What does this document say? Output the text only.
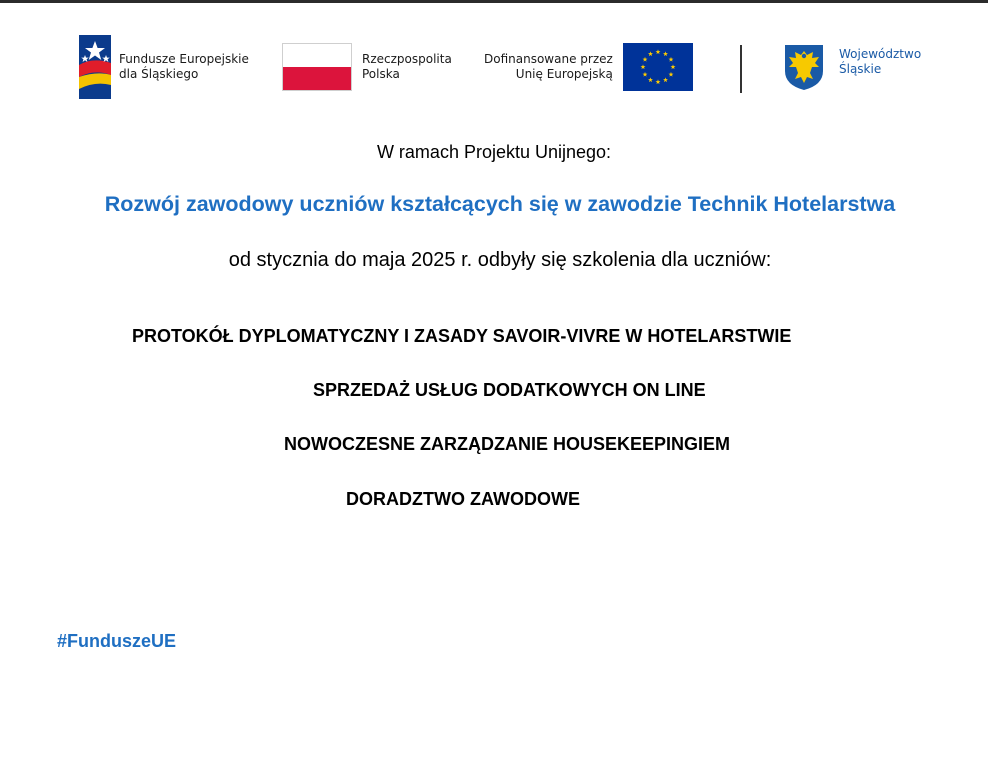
Fundusze Europejskie
dla Śląskiego
Rzeczpospolita
Polska
Dofinansowane przez
Unię Europejską
Województwo
Śląskie
W ramach Projektu Unijnego:
Rozwój zawodowy uczniów kształcących się w zawodzie Technik Hotelarstwa
od stycznia do maja 2025 r. odbyły się szkolenia dla uczniów:
PROTOKÓŁ DYPLOMATYCZNY I ZASADY SAVOIR-VIVRE W HOTELARSTWIE
SPRZEDAŻ USŁUG DODATKOWYCH ON LINE
NOWOCZESNE ZARZĄDZANIE HOUSEKEEPINGIEM
DORADZTWO ZAWODOWE
#FunduszeUE
